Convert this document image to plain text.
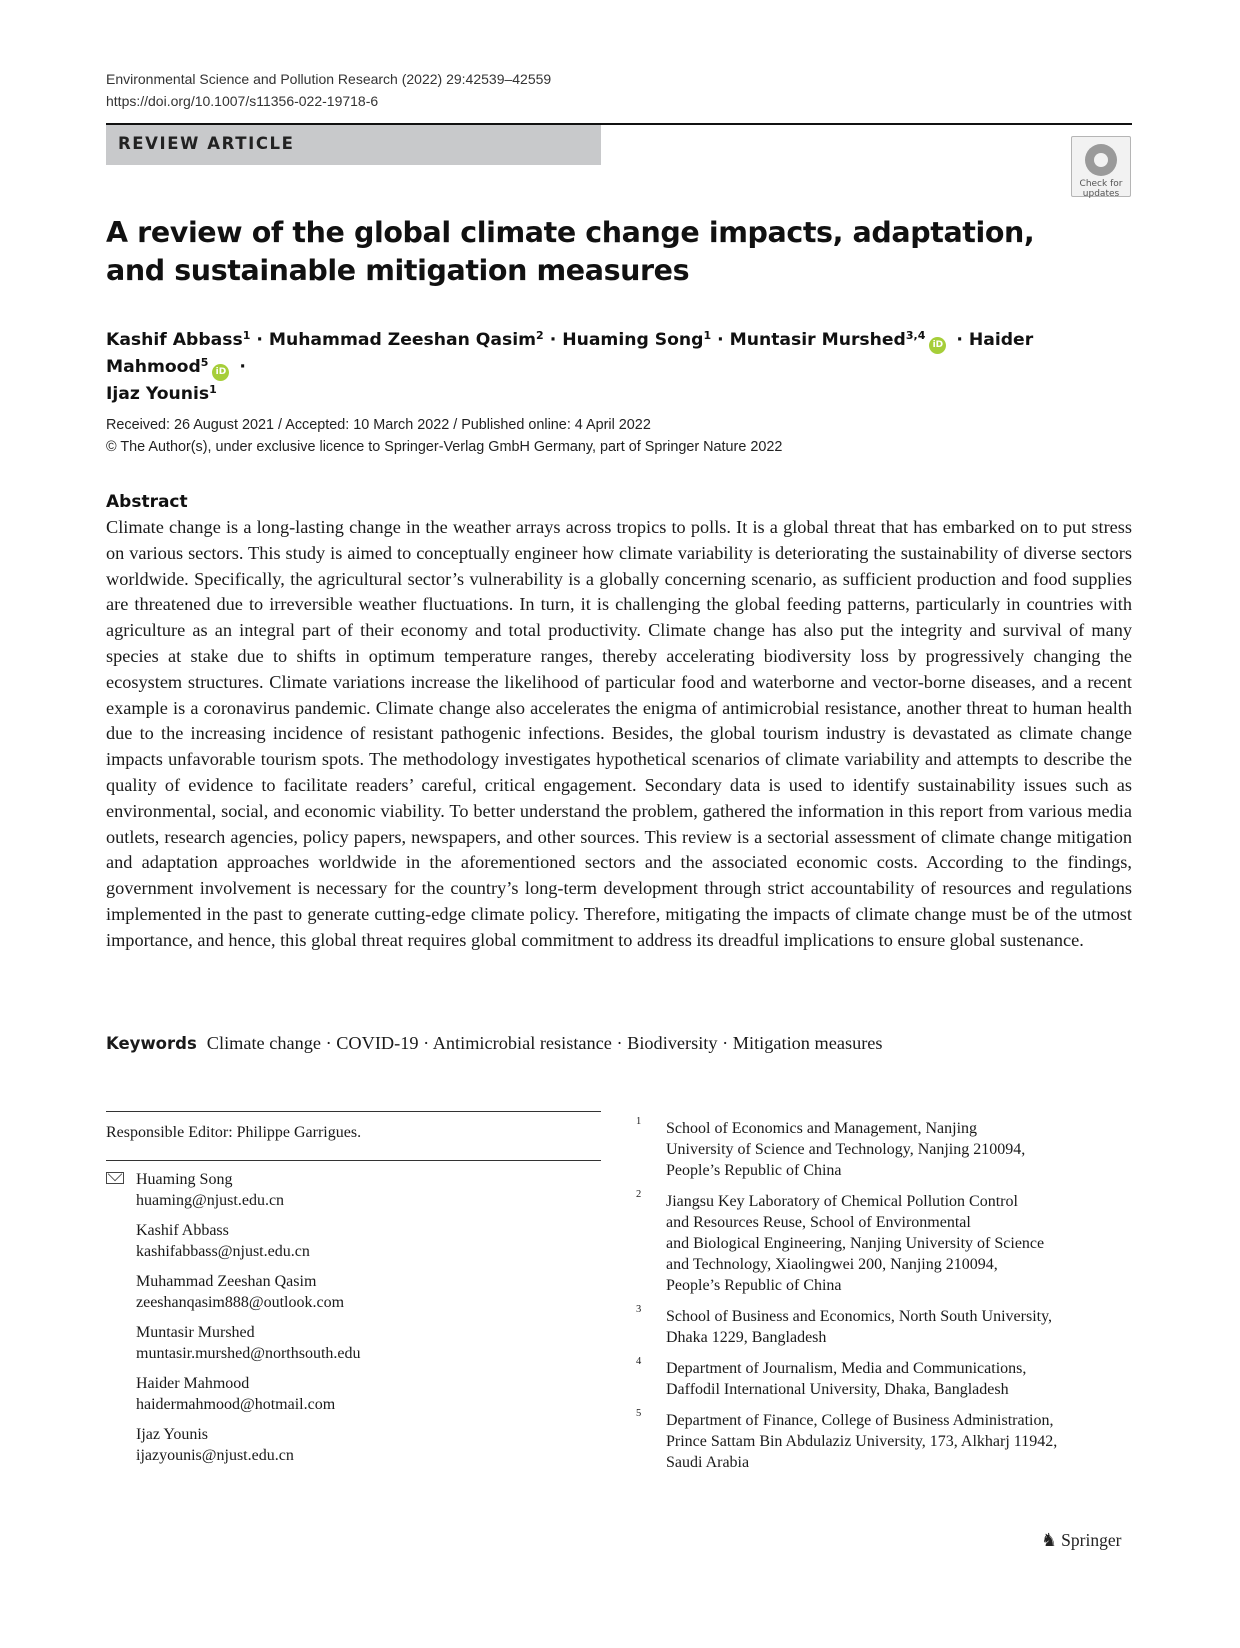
Environmental Science and Pollution Research (2022) 29:42539–42559
https://doi.org/10.1007/s11356-022-19718-6
REVIEW ARTICLE
Check for
updates
A review of the global climate change impacts, adaptation,
and sustainable mitigation measures
Kashif Abbass$^1$ · Muhammad Zeeshan Qasim$^2$ · Huaming Song$^1$ · Muntasir Murshed$^{3,4}$iD · Haider Mahmood$^5$iD ·
Ijaz Younis$^1$
Received: 26 August 2021 / Accepted: 10 March 2022 / Published online: 4 April 2022
© The Author(s), under exclusive licence to Springer-Verlag GmbH Germany, part of Springer Nature 2022
Abstract

Climate change is a long-lasting change in the weather arrays across tropics to polls. It is a global threat that has embarked on to put stress on various sectors. This study is aimed to conceptually engineer how climate variability is deteriorating the sustainability of diverse sectors worldwide. Specifically, the agricultural sector’s vulnerability is a globally concerning scenario, as sufficient production and food supplies are threatened due to irreversible weather fluctuations. In turn, it is challenging the global feeding patterns, particularly in countries with agriculture as an integral part of their economy and total productivity. Climate change has also put the integrity and survival of many species at stake due to shifts in optimum temperature ranges, thereby accelerating biodiversity loss by progressively changing the ecosystem structures. Climate variations increase the likelihood of particular food and waterborne and vector-borne diseases, and a recent example is a coronavirus pandemic. Climate change also accelerates the enigma of antimicrobial resistance, another threat to human health due to the increasing incidence of resistant pathogenic infections. Besides, the global tourism industry is devastated as climate change impacts unfavorable tourism spots. The methodology investigates hypothetical scenarios of climate variability and attempts to describe the quality of evidence to facilitate readers’ careful, critical engagement. Secondary data is used to identify sustainability issues such as environmental, social, and economic viability. To better understand the problem, gathered the information in this report from various media outlets, research agencies, policy papers, newspapers, and other sources. This review is a sectorial assessment of climate change mitigation and adaptation approaches worldwide in the aforementioned sectors and the associated economic costs. According to the findings, government involvement is necessary for the country’s long-term development through strict accountability of resources and regulations implemented in the past to generate cutting-edge climate policy. Therefore, mitigating the impacts of climate change must be of the utmost importance, and hence, this global threat requires global commitment to address its dreadful implications to ensure global sustenance.

Keywords Climate change · COVID-19 · Antimicrobial resistance · Biodiversity · Mitigation measures
Responsible Editor: Philippe Garrigues.
Huaming Song
huaming@njust.edu.cn
Kashif Abbass
kashifabbass@njust.edu.cn
Muhammad Zeeshan Qasim
zeeshanqasim888@outlook.com
Muntasir Murshed
muntasir.murshed@northsouth.edu
Haider Mahmood
haidermahmood@hotmail.com
Ijaz Younis
ijazyounis@njust.edu.cn
1 School of Economics and Management, Nanjing
University of Science and Technology, Nanjing 210094,
People’s Republic of China
2 Jiangsu Key Laboratory of Chemical Pollution Control
and Resources Reuse, School of Environmental
and Biological Engineering, Nanjing University of Science
and Technology, Xiaolingwei 200, Nanjing 210094,
People’s Republic of China
3 School of Business and Economics, North South University,
Dhaka 1229, Bangladesh
4 Department of Journalism, Media and Communications,
Daffodil International University, Dhaka, Bangladesh
5 Department of Finance, College of Business Administration,
Prince Sattam Bin Abdulaziz University, 173, Alkharj 11942,
Saudi Arabia
♞ Springer
